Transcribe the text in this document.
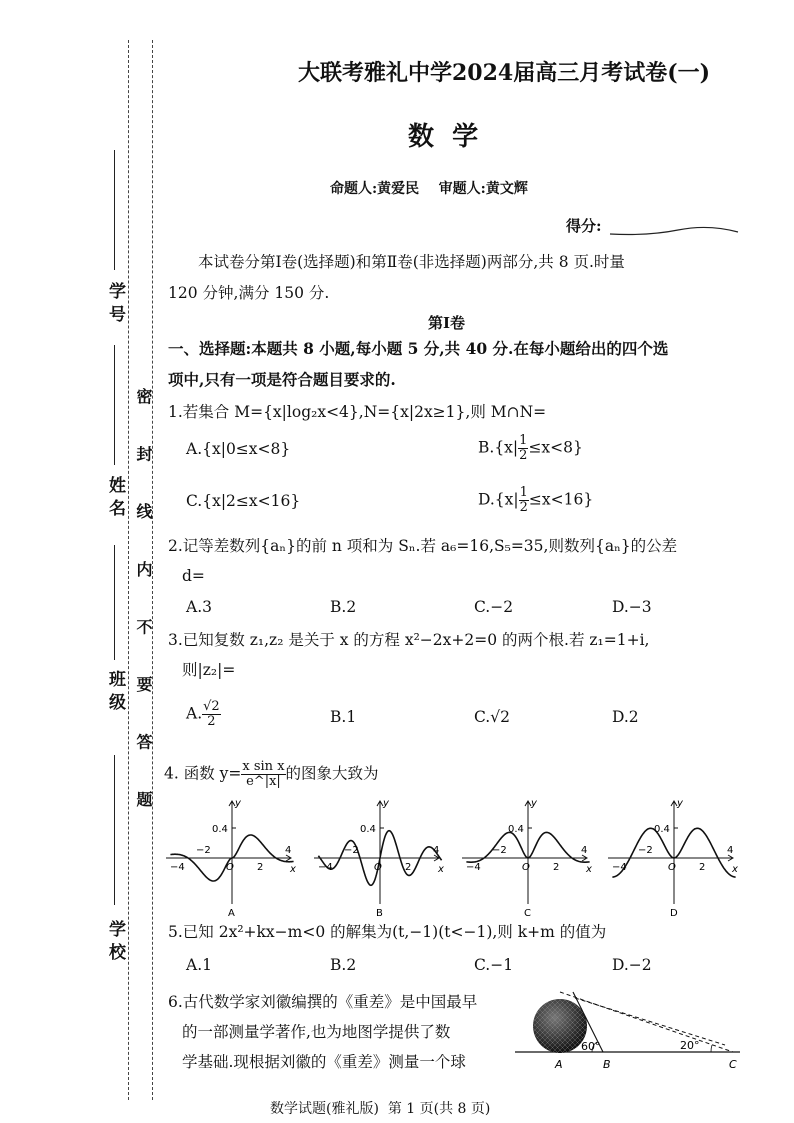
学 号
姓 名
班 级
学 校
密 封 线 内 不 要 答 题
大联考雅礼中学2024届高三月考试卷(一)
数  学
命题人:黄爱民    审题人:黄文辉
得分:
本试卷分第Ⅰ卷(选择题)和第Ⅱ卷(非选择题)两部分,共 8 页.时量
120 分钟,满分 150 分.
第Ⅰ卷
一、选择题:本题共 8 小题,每小题 5 分,共 40 分.在每小题给出的四个选
项中,只有一项是符合题目要求的.
1.若集合 M={x|log₂x<4},N={x|2x≥1},则 M∩N=
A.{x|0≤x<8}	$B.\{x| \frac{1}{2} \le x<8\}$
C.{x|2≤x<16}	$D.\{x| \frac{1}{2} \le x<16\}$
2.记等差数列{aₙ}的前 n 项和为 Sₙ.若 a₆=16,S₅=35,则数列{aₙ}的公差
d=
A.3	B.2	C.−2	D.−3
3.已知复数 z₁,z₂ 是关于 x 的方程 x²−2x+2=0 的两个根.若 z₁=1+i,
则|z₂|=
A. $\frac{√2}{2}$	B.1	C.√2	D.2
4. 函数 $y= \frac{\text{x sin x}}{e\^{}|x|}$ 的图象大致为
y
x
0.4
O
−4
−2
2
4
A
y
x
0.4
O
−4
−2
2
4
B
y
x
0.4
O
−4
−2
2
4
C
y
x
0.4
O
−4
−2
2
4
D
5.已知 2x²+kx−m<0 的解集为(t,−1)(t<−1),则 k+m 的值为
A.1	B.2	C.−1	D.−2
6.古代数学家刘徽编撰的《重差》是中国最早
的一部测量学著作,也为地图学提供了数
学基础.现根据刘徽的《重差》测量一个球
60°	20°
A	B	C
数学试题(雅礼版)  第 1 页(共 8 页)
